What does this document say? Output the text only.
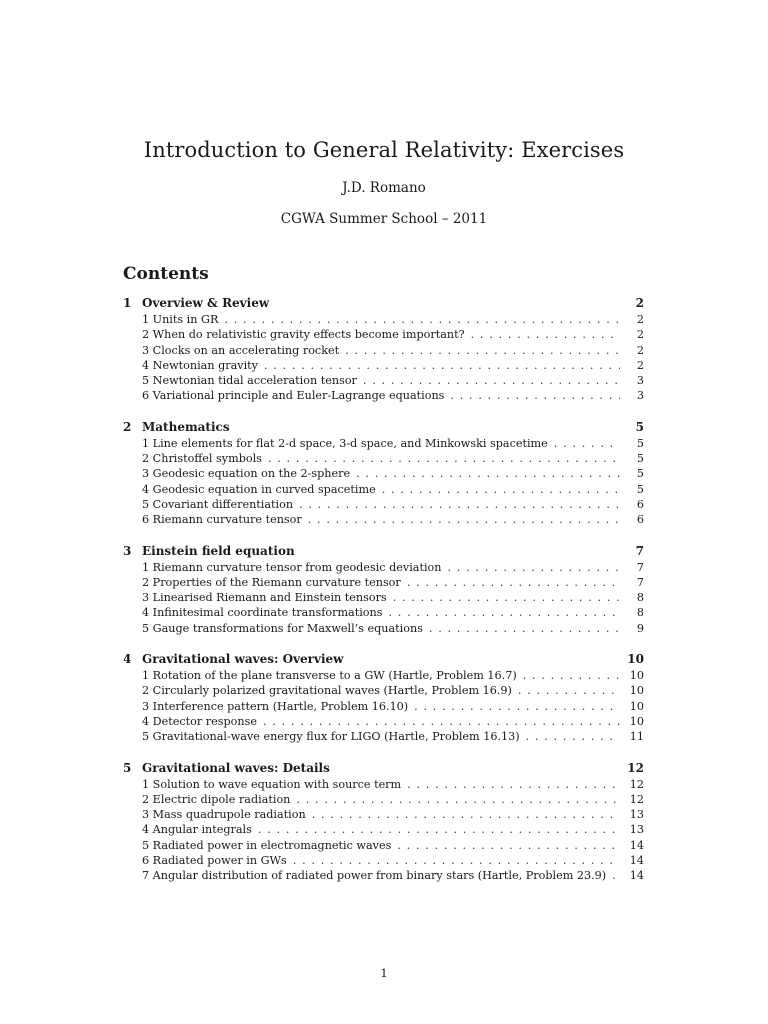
Introduction to General Relativity: Exercises
J.D. Romano
CGWA Summer School – 2011
Contents
1 Overview & Review	2
1 Units in GR . . .	2
2 When do relativistic gravity effects become important? . . .	2
3 Clocks on an accelerating rocket . . .	2
4 Newtonian gravity . . .	2
5 Newtonian tidal acceleration tensor . . .	3
6 Variational principle and Euler-Lagrange equations . . .	3
2 Mathematics	5
1 Line elements for flat 2-d space, 3-d space, and Minkowski spacetime . . .	5
2 Christoffel symbols . . .	5
3 Geodesic equation on the 2-sphere . . .	5
4 Geodesic equation in curved spacetime . . .	5
5 Covariant differentiation . . .	6
6 Riemann curvature tensor . . .	6
3 Einstein field equation	7
1 Riemann curvature tensor from geodesic deviation . . .	7
2 Properties of the Riemann curvature tensor . . .	7
3 Linearised Riemann and Einstein tensors . . .	8
4 Infinitesimal coordinate transformations . . .	8
5 Gauge transformations for Maxwell’s equations . . .	9
4 Gravitational waves: Overview	10
1 Rotation of the plane transverse to a GW (Hartle, Problem 16.7) . . .	10
2 Circularly polarized gravitational waves (Hartle, Problem 16.9) . . .	10
3 Interference pattern (Hartle, Problem 16.10) . . .	10
4 Detector response . . .	10
5 Gravitational-wave energy flux for LIGO (Hartle, Problem 16.13) . . .	11
5 Gravitational waves: Details	12
1 Solution to wave equation with source term . . .	12
2 Electric dipole radiation . . .	12
3 Mass quadrupole radiation . . .	13
4 Angular integrals . . .	13
5 Radiated power in electromagnetic waves . . .	14
6 Radiated power in GWs . . .	14
7 Angular distribution of radiated power from binary stars (Hartle, Problem 23.9) . . .	14
1
